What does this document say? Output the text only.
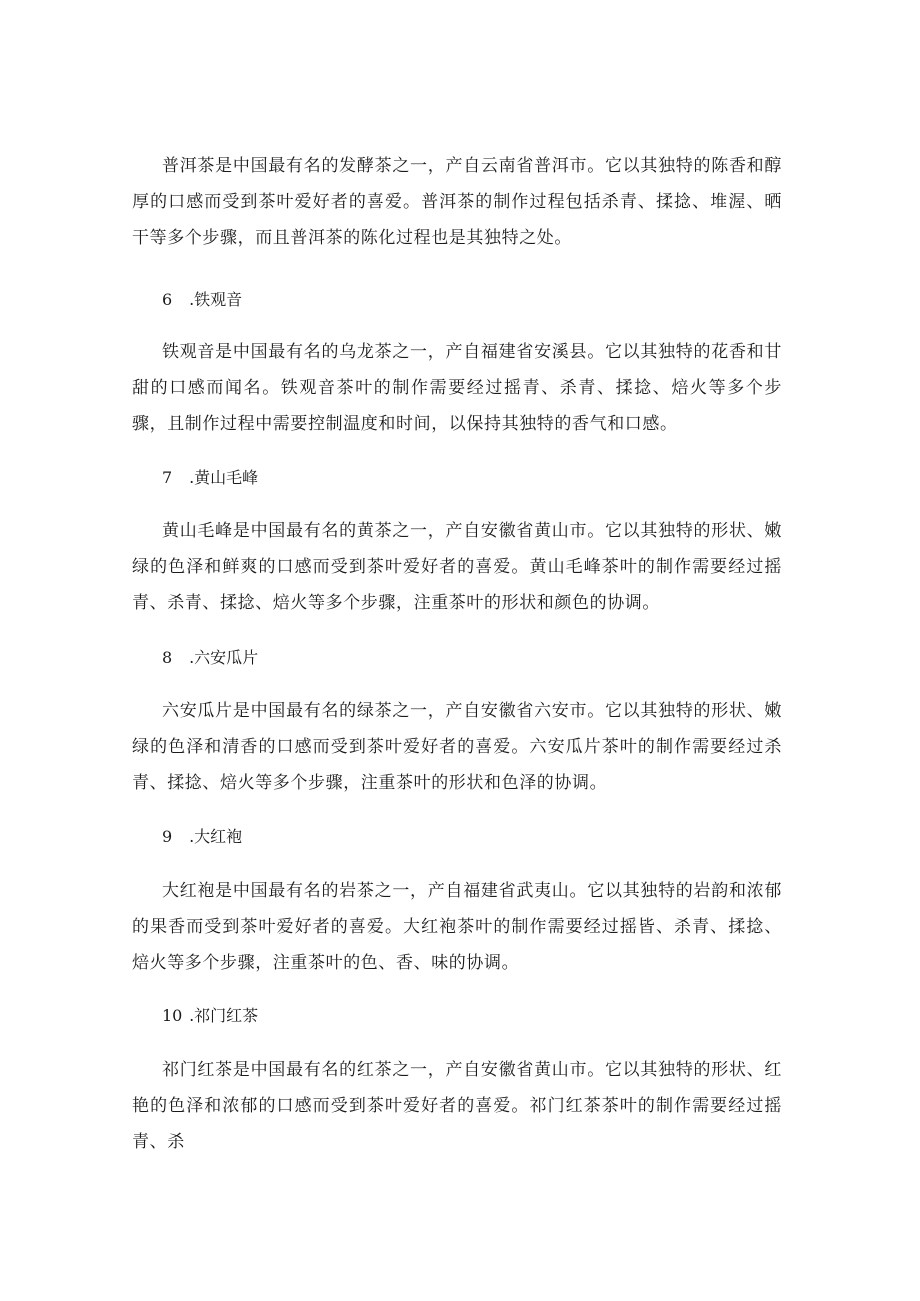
普洱茶是中国最有名的发酵茶之一，产自云南省普洱市。它以其独特的陈香和醇厚的口感而受到茶叶爱好者的喜爱。普洱茶的制作过程包括杀青、揉捻、堆渥、晒干等多个步骤，而且普洱茶的陈化过程也是其独特之处。

6 .铁观音

铁观音是中国最有名的乌龙茶之一，产自福建省安溪县。它以其独特的花香和甘甜的口感而闻名。铁观音茶叶的制作需要经过摇青、杀青、揉捻、焙火等多个步骤，且制作过程中需要控制温度和时间，以保持其独特的香气和口感。

7 .黄山毛峰

黄山毛峰是中国最有名的黄茶之一，产自安徽省黄山市。它以其独特的形状、嫩绿的色泽和鲜爽的口感而受到茶叶爱好者的喜爱。黄山毛峰茶叶的制作需要经过摇青、杀青、揉捻、焙火等多个步骤，注重茶叶的形状和颜色的协调。

8 .六安瓜片

六安瓜片是中国最有名的绿茶之一，产自安徽省六安市。它以其独特的形状、嫩绿的色泽和清香的口感而受到茶叶爱好者的喜爱。六安瓜片茶叶的制作需要经过杀青、揉捻、焙火等多个步骤，注重茶叶的形状和色泽的协调。

9 .大红袍

大红袍是中国最有名的岩茶之一，产自福建省武夷山。它以其独特的岩韵和浓郁的果香而受到茶叶爱好者的喜爱。大红袍茶叶的制作需要经过摇皆、杀青、揉捻、焙火等多个步骤，注重茶叶的色、香、味的协调。

10 .祁门红茶

祁门红茶是中国最有名的红茶之一，产自安徽省黄山市。它以其独特的形状、红艳的色泽和浓郁的口感而受到茶叶爱好者的喜爱。祁门红茶茶叶的制作需要经过摇青、杀
